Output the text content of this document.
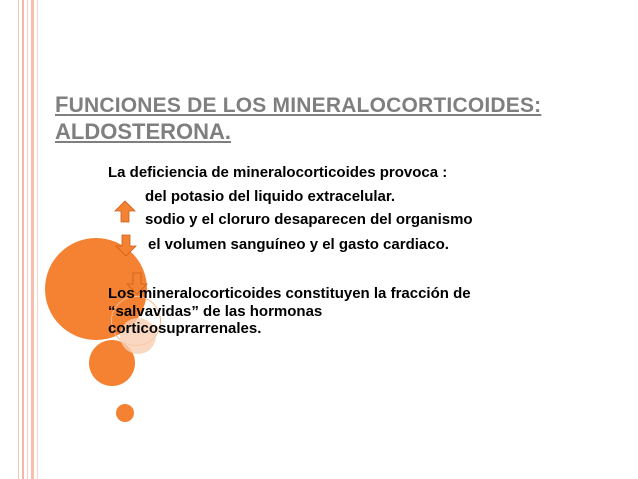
FUNCIONES DE LOS MINERALOCORTICOIDES:
ALDOSTERONA.
La deficiencia de mineralocorticoides provoca :
del potasio del liquido extracelular.
sodio y el cloruro desaparecen del organismo
el volumen sanguíneo y el gasto cardiaco.
Los mineralocorticoides constituyen la fracción de
“salvavidas” de las hormonas
corticosuprarrenales.
